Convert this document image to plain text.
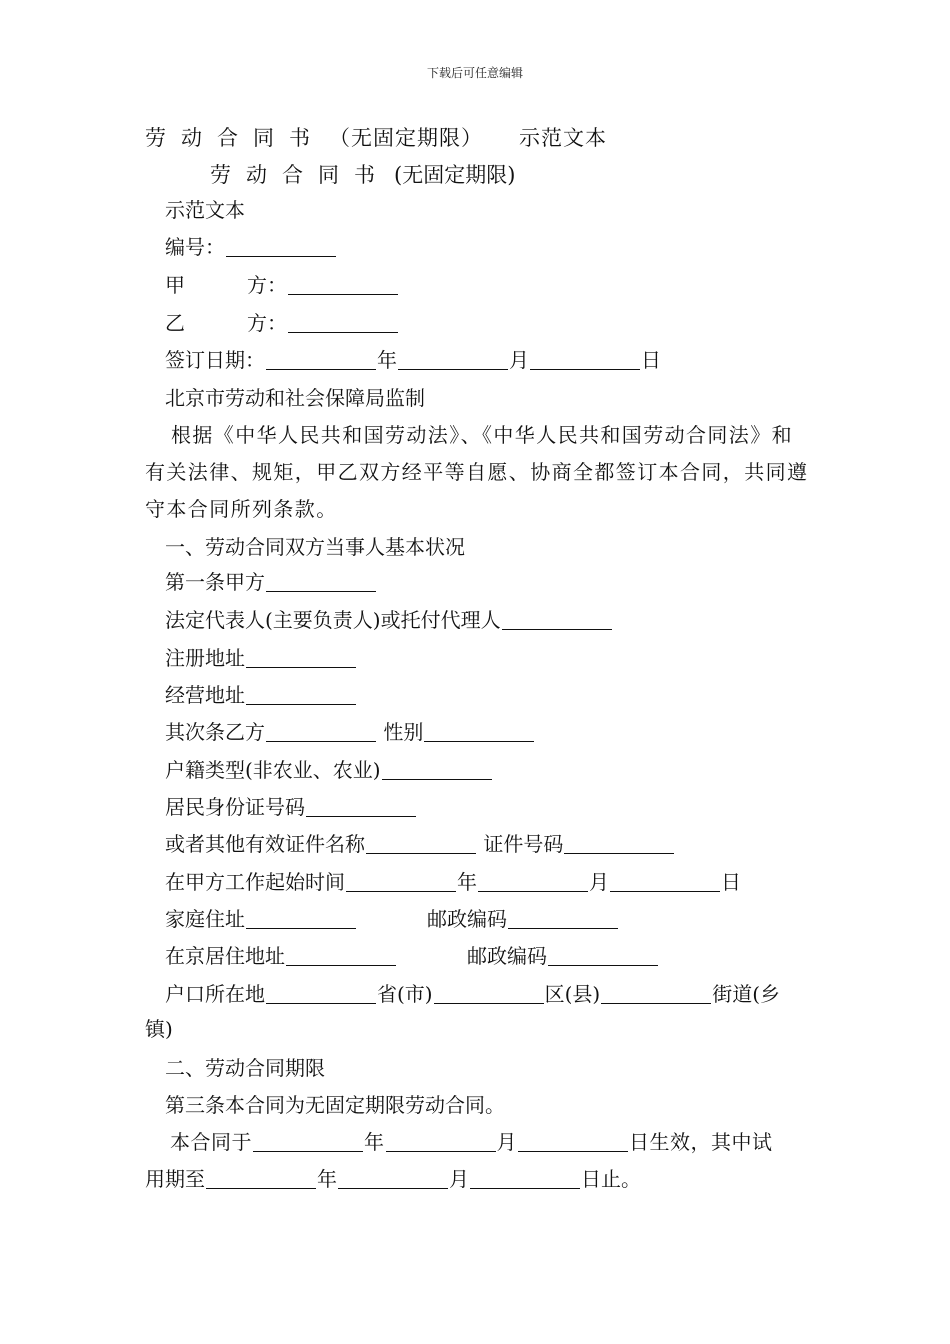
下载后可任意编辑
劳动合同书 （无固定期限） 示范文本
劳动合同书 (无固定期限)
示范文本
编号：
甲	方：
乙	方：
签订日期：	年	月	日
北京市劳动和社会保障局监制
根据《中华人民共和国劳动法》、《中华人民共和国劳动合同法》和有关法律、规矩，甲乙双方经平等自愿、协商全都签订本合同，共同遵守本合同所列条款。
一、劳动合同双方当事人基本状况
第一条甲方
法定代表人(主要负责人)或托付代理人
注册地址
经营地址
其次条乙方	性别
户籍类型(非农业、农业)
居民身份证号码
或者其他有效证件名称	证件号码
在甲方工作起始时间	年	月	日
家庭住址	邮政编码
在京居住地址	邮政编码
户口所在地	省(市)	区(县)	街道(乡
镇)
二、劳动合同期限
第三条本合同为无固定期限劳动合同。
本合同于	年	月	日生效，其中试
用期至	年	月	日止。
